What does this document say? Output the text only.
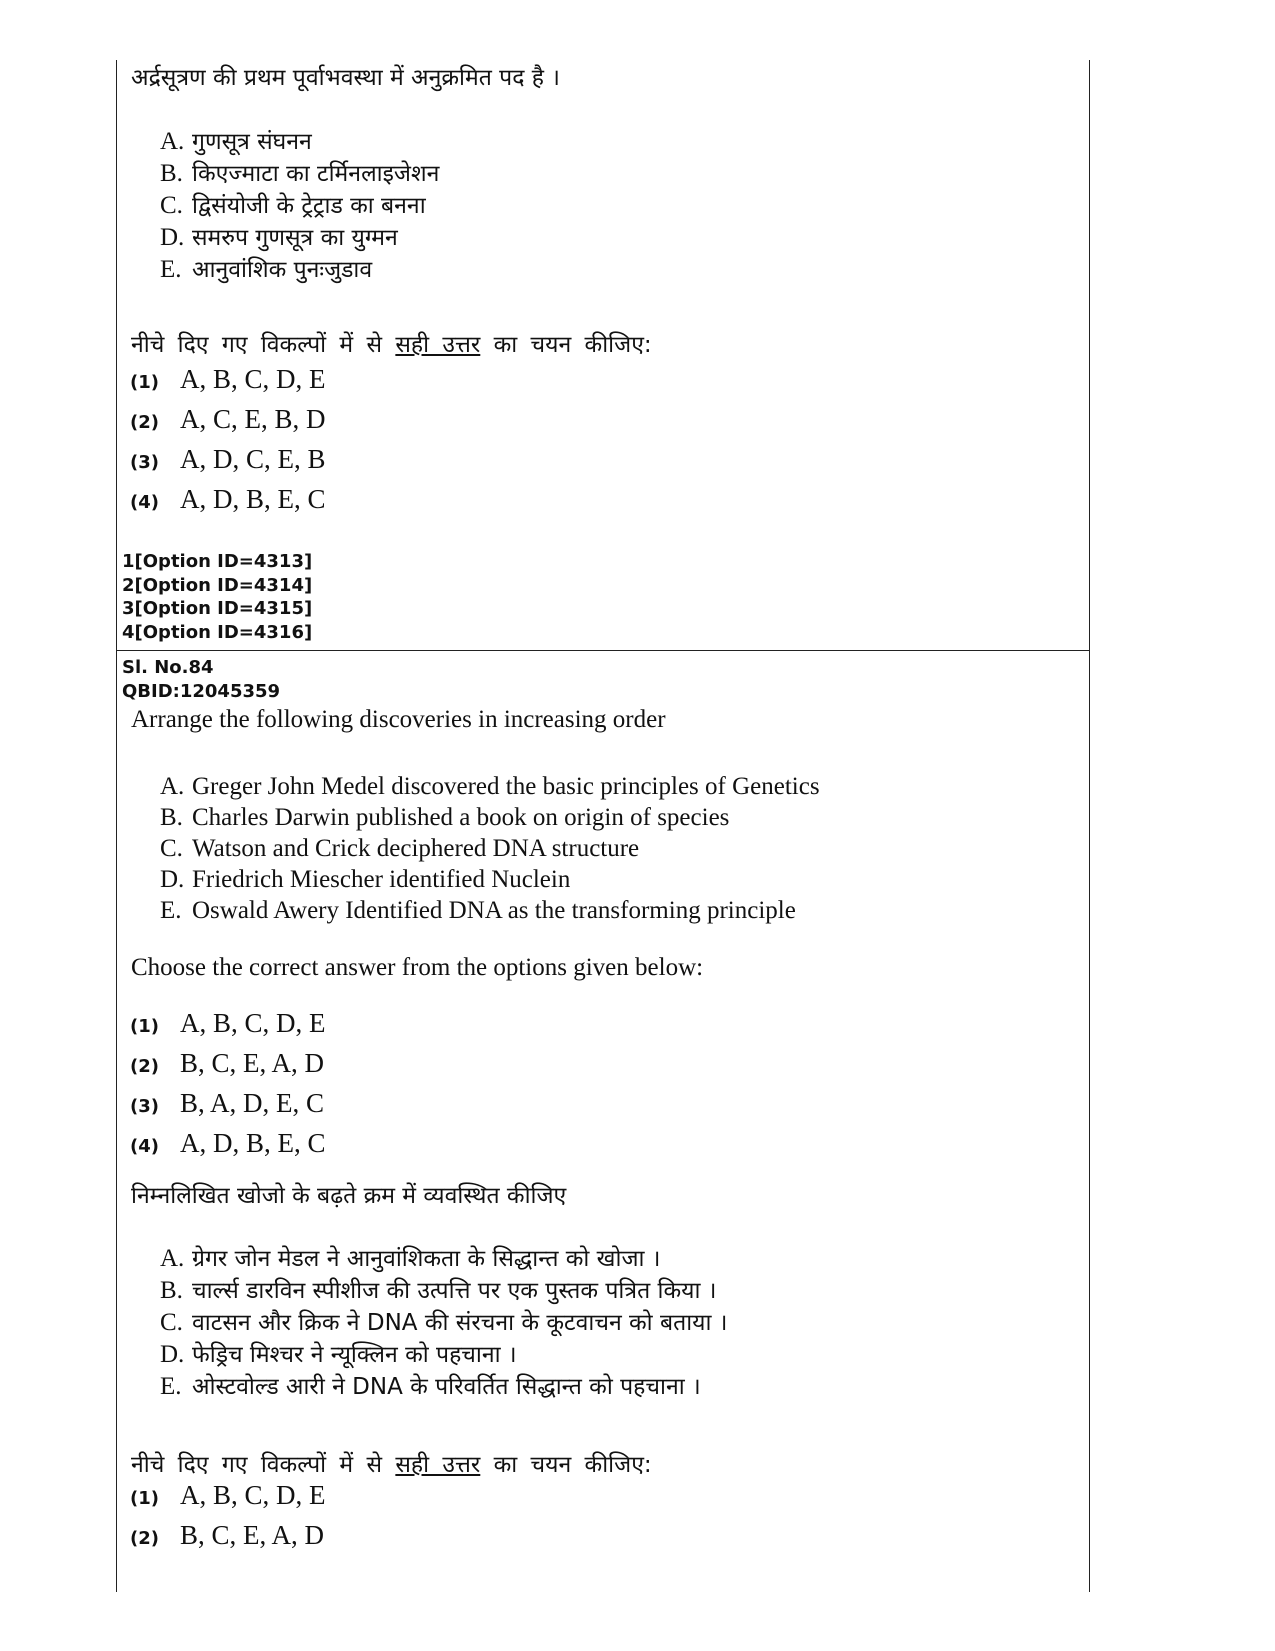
अर्द्रसूत्रण की प्रथम पूर्वाभवस्था में अनुक्रमित पद है ।
A. गुणसूत्र संघनन
B. किएज्माटा का टर्मिनलाइजेशन
C. द्विसंयोजी के ट्रेट्राड का बनना
D. समरुप गुणसूत्र का युग्मन
E. आनुवांशिक पुनःजुडाव
नीचे दिए गए विकल्पों में से सही उत्तर का चयन कीजिए:
(1) A, B, C, D, E
(2) A, C, E, B, D
(3) A, D, C, E, B
(4) A, D, B, E, C
1[Option ID=4313]
2[Option ID=4314]
3[Option ID=4315]
4[Option ID=4316]
Sl. No.84
QBID:12045359
Arrange the following discoveries in increasing order
A. Greger John Medel discovered the basic principles of Genetics
B. Charles Darwin published a book on origin of species
C. Watson and Crick deciphered DNA structure
D. Friedrich Miescher identified Nuclein
E. Oswald Awery Identified DNA as the transforming principle
Choose the correct answer from the options given below:
(1) A, B, C, D, E
(2) B, C, E, A, D
(3) B, A, D, E, C
(4) A, D, B, E, C
निम्नलिखित खोजो के बढ़ते क्रम में व्यवस्थित कीजिए
A. ग्रेगर जोन मेडल ने आनुवांशिकता के सिद्धान्त को खोजा ।
B. चार्ल्स डारविन स्पीशीज की उत्पत्ति पर एक पुस्तक पत्रित किया ।
C. वाटसन और क्रिक ने DNA की संरचना के कूटवाचन को बताया ।
D. फेड्रिच मिश्चर ने न्यूक्लिन को पहचाना ।
E. ओस्टवोल्ड आरी ने DNA के परिवर्तित सिद्धान्त को पहचाना ।
नीचे दिए गए विकल्पों में से सही उत्तर का चयन कीजिए:
(1) A, B, C, D, E
(2) B, C, E, A, D
